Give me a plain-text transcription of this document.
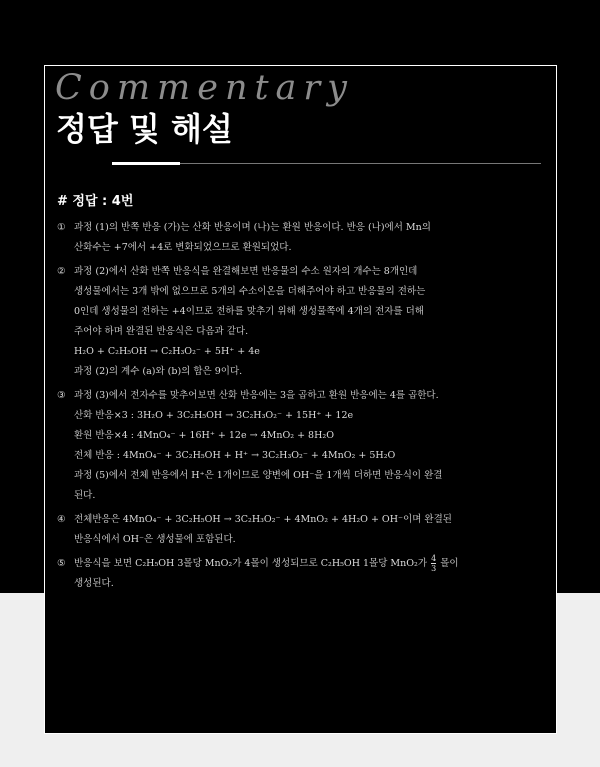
Commentary
정답 및 해설
# 정답 : 4번
① 과정 (1)의 반쪽 반응 (가)는 산화 반응이며 (나)는 환원 반응이다. 반응 (나)에서 Mn의
산화수는 +7에서 +4로 변화되었으므로 환원되었다.
② 과정 (2)에서 산화 반쪽 반응식을 완결해보면 반응물의 수소 원자의 개수는 8개인데
생성물에서는 3개 밖에 없으므로 5개의 수소이온을 더해주어야 하고 반응물의 전하는
0인데 생성물의 전하는 +4이므로 전하를 맞추기 위해 생성물쪽에 4개의 전자를 더해
주어야 하며 완결된 반응식은 다음과 같다.
H₂O + C₂H₅OH → C₂H₃O₂⁻ + 5H⁺ + 4e
과정 (2)의 계수 (a)와 (b)의 합은 9이다.
③ 과정 (3)에서 전자수를 맞추어보면 산화 반응에는 3을 곱하고 환원 반응에는 4를 곱한다.
산화 반응×3 : 3H₂O + 3C₂H₅OH → 3C₂H₃O₂⁻ + 15H⁺ + 12e
환원 반응×4 : 4MnO₄⁻ + 16H⁺ + 12e → 4MnO₂ + 8H₂O
전체 반응 : 4MnO₄⁻ + 3C₂H₅OH + H⁺ → 3C₂H₃O₂⁻ + 4MnO₂ + 5H₂O
과정 (5)에서 전체 반응에서 H⁺은 1개이므로 양변에 OH⁻을 1개씩 더하면 반응식이 완결
된다.
④ 전체반응은 4MnO₄⁻ + 3C₂H₅OH → 3C₂H₃O₂⁻ + 4MnO₂ + 4H₂O + OH⁻이며 완결된
반응식에서 OH⁻은 생성물에 포함된다.
⑤ 반응식을 보면 C₂H₅OH 3몰당 MnO₂가 4몰이 생성되므로 C₂H₅OH 1몰당 MnO₂가 $\frac{4}{3}$ 몰이
생성된다.
